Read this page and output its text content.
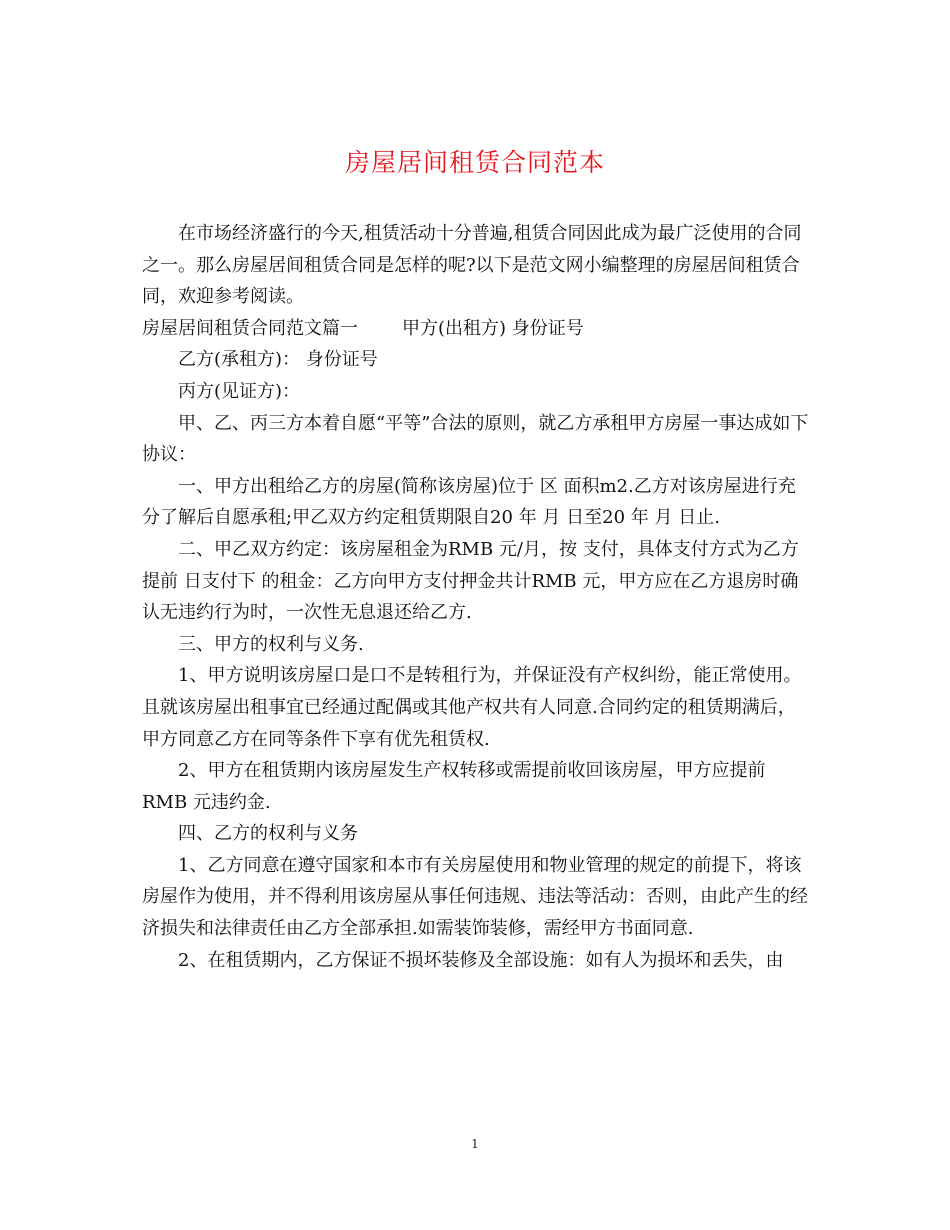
房屋居间租赁合同范本

在市场经济盛行的今天,租赁活动十分普遍,租赁合同因此成为最广泛使用的合同之一。那么房屋居间租赁合同是怎样的呢?以下是范文网小编整理的房屋居间租赁合同，欢迎参考阅读。

房屋居间租赁合同范文篇一 甲方(出租方) 身份证号

乙方(承租方)： 身份证号

丙方(见证方)：

甲、乙、丙三方本着自愿“平等”合法的原则，就乙方承租甲方房屋一事达成如下协议：

一、甲方出租给乙方的房屋(简称该房屋)位于 区 面积m2.乙方对该房屋进行充分了解后自愿承租;甲乙双方约定租赁期限自20 年 月 日至20 年 月 日止.

二、甲乙双方约定：该房屋租金为RMB 元/月，按 支付，具体支付方式为乙方提前 日支付下 的租金：乙方向甲方支付押金共计RMB 元，甲方应在乙方退房时确认无违约行为时，一次性无息退还给乙方.

三、甲方的权利与义务.

1、甲方说明该房屋口是口不是转租行为，并保证没有产权纠纷，能正常使用。且就该房屋出租事宜已经通过配偶或其他产权共有人同意.合同约定的租赁期满后，甲方同意乙方在同等条件下享有优先租赁权.

2、甲方在租赁期内该房屋发生产权转移或需提前收回该房屋，甲方应提前RMB 元违约金.

四、乙方的权利与义务

1、乙方同意在遵守国家和本市有关房屋使用和物业管理的规定的前提下，将该房屋作为使用，并不得利用该房屋从事任何违规、违法等活动：否则，由此产生的经济损失和法律责任由乙方全部承担.如需装饰装修，需经甲方书面同意.

2、在租赁期内，乙方保证不损坏装修及全部设施：如有人为损坏和丢失，由

1
